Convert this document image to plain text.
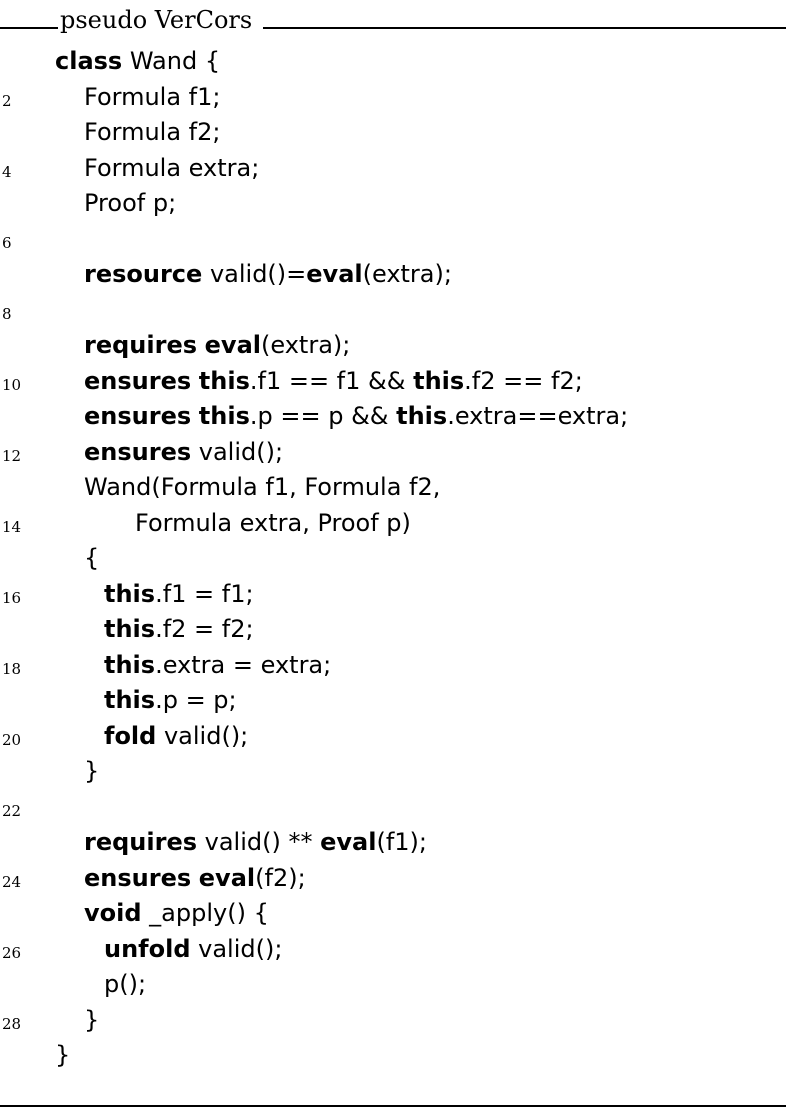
pseudo VerCors
class Wand {
2	Formula f1;
Formula f2;
4	Formula extra;
Proof p;
6
resource valid()=eval(extra);
8
requires eval(extra);
10	ensures this.f1 == f1 && this.f2 == f2;
ensures this.p == p && this.extra==extra;
12	ensures valid();
Wand(Formula f1, Formula f2,
14	Formula extra, Proof p)
{
16	this.f1 = f1;
this.f2 = f2;
18	this.extra = extra;
this.p = p;
20	fold valid();
}
22
requires valid() ** eval(f1);
24	ensures eval(f2);
void _apply() {
26	unfold valid();
p();
28	}
}
